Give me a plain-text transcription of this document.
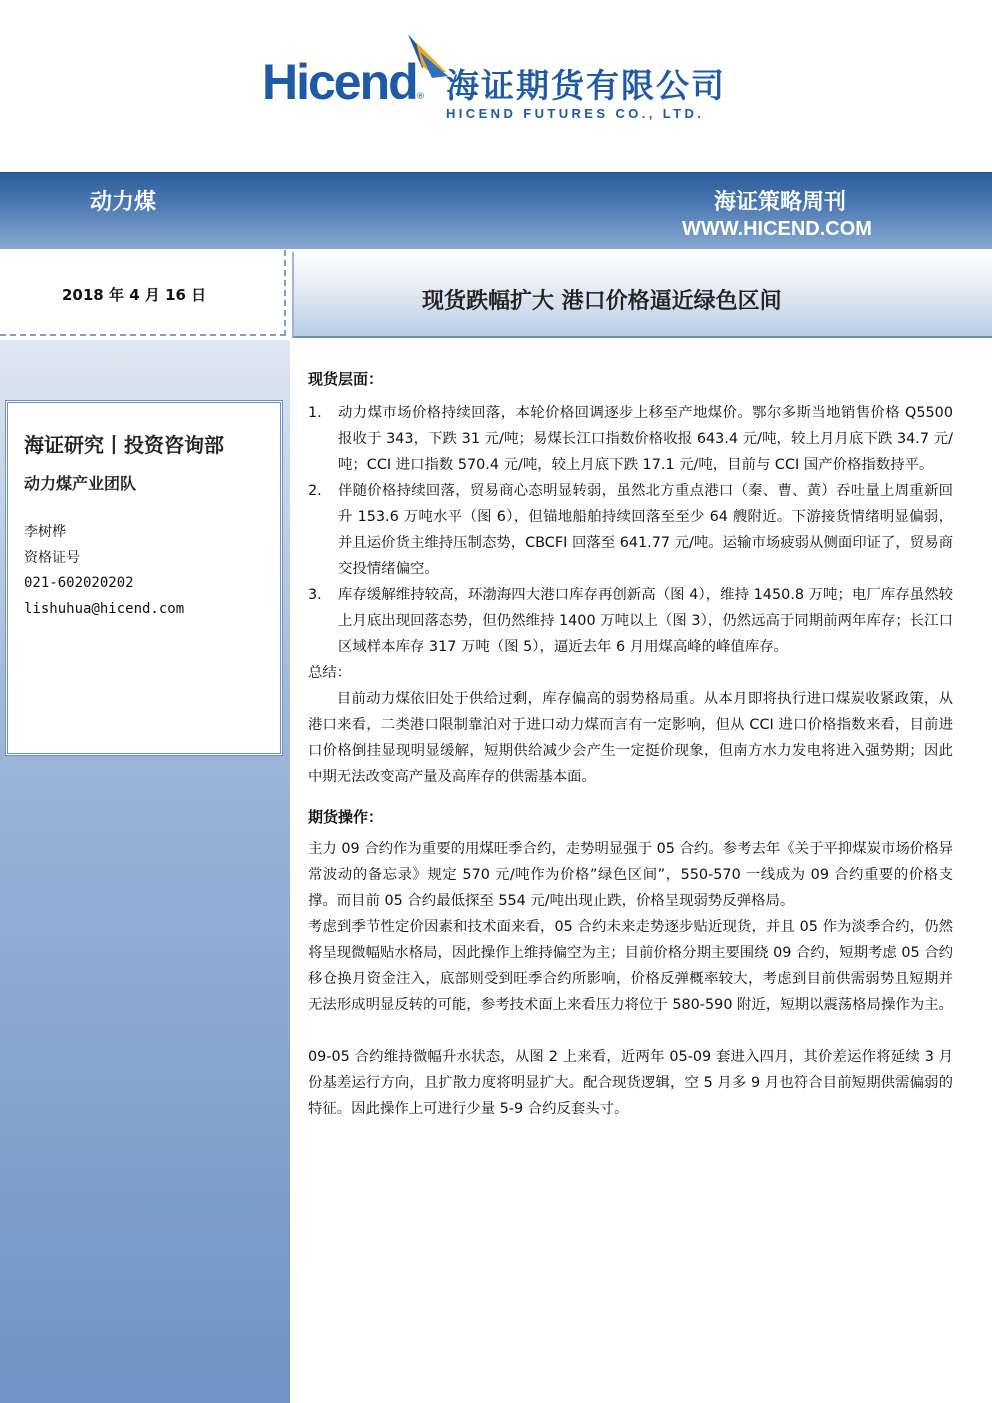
Hicend ® 海证期货有限公司
HICEND FUTURES CO., LTD.
动力煤	海证策略周刊
WWW.HICEND.COM
2018 年 4 月 16 日	现货跌幅扩大 港口价格逼近绿色区间
海证研究丨投资咨询部
动力煤产业团队
李树桦
资格证号
021-602020202
lishuhua@hicend.com

现货层面：

1. 动力煤市场价格持续回落，本轮价格回调逐步上移至产地煤价。鄂尔多斯当地销售价格 Q5500 报收于 343，下跌 31 元/吨；易煤长江口指数价格收报 643.4 元/吨，较上月月底下跌 34.7 元/吨；CCI 进口指数 570.4 元/吨，较上月底下跌 17.1 元/吨，目前与 CCI 国产价格指数持平。
2. 伴随价格持续回落，贸易商心态明显转弱，虽然北方重点港口（秦、曹、黄）吞吐量上周重新回升 153.6 万吨水平（图 6），但锚地船舶持续回落至至少 64 艘附近。下游接货情绪明显偏弱，并且运价货主维持压制态势，CBCFI 回落至 641.77 元/吨。运输市场疲弱从侧面印证了，贸易商交投情绪偏空。
3. 库存缓解维持较高，环渤海四大港口库存再创新高（图 4），维持 1450.8 万吨；电厂库存虽然较上月底出现回落态势，但仍然维持 1400 万吨以上（图 3），仍然远高于同期前两年库存；长江口区域样本库存 317 万吨（图 5），逼近去年 6 月用煤高峰的峰值库存。

总结：

目前动力煤依旧处于供给过剩，库存偏高的弱势格局重。从本月即将执行进口煤炭收紧政策，从港口来看，二类港口限制靠泊对于进口动力煤而言有一定影响，但从 CCI 进口价格指数来看，目前进口价格倒挂显现明显缓解，短期供给减少会产生一定挺价现象，但南方水力发电将进入强势期；因此中期无法改变高产量及高库存的供需基本面。

期货操作：

主力 09 合约作为重要的用煤旺季合约，走势明显强于 05 合约。参考去年《关于平抑煤炭市场价格异常波动的备忘录》规定 570 元/吨作为价格”绿色区间”，550-570 一线成为 09 合约重要的价格支撑。而目前 05 合约最低探至 554 元/吨出现止跌，价格呈现弱势反弹格局。

考虑到季节性定价因素和技术面来看，05 合约未来走势逐步贴近现货，并且 05 作为淡季合约，仍然将呈现微幅贴水格局，因此操作上维持偏空为主；目前价格分期主要围绕 09 合约，短期考虑 05 合约移仓换月资金注入，底部则受到旺季合约所影响，价格反弹概率较大，考虑到目前供需弱势且短期并无法形成明显反转的可能，参考技术面上来看压力将位于 580-590 附近，短期以震荡格局操作为主。

09-05 合约维持微幅升水状态，从图 2 上来看，近两年 05-09 套进入四月，其价差运作将延续 3 月份基差运行方向，且扩散力度将明显扩大。配合现货逻辑，空 5 月多 9 月也符合目前短期供需偏弱的特征。因此操作上可进行少量 5-9 合约反套头寸。
